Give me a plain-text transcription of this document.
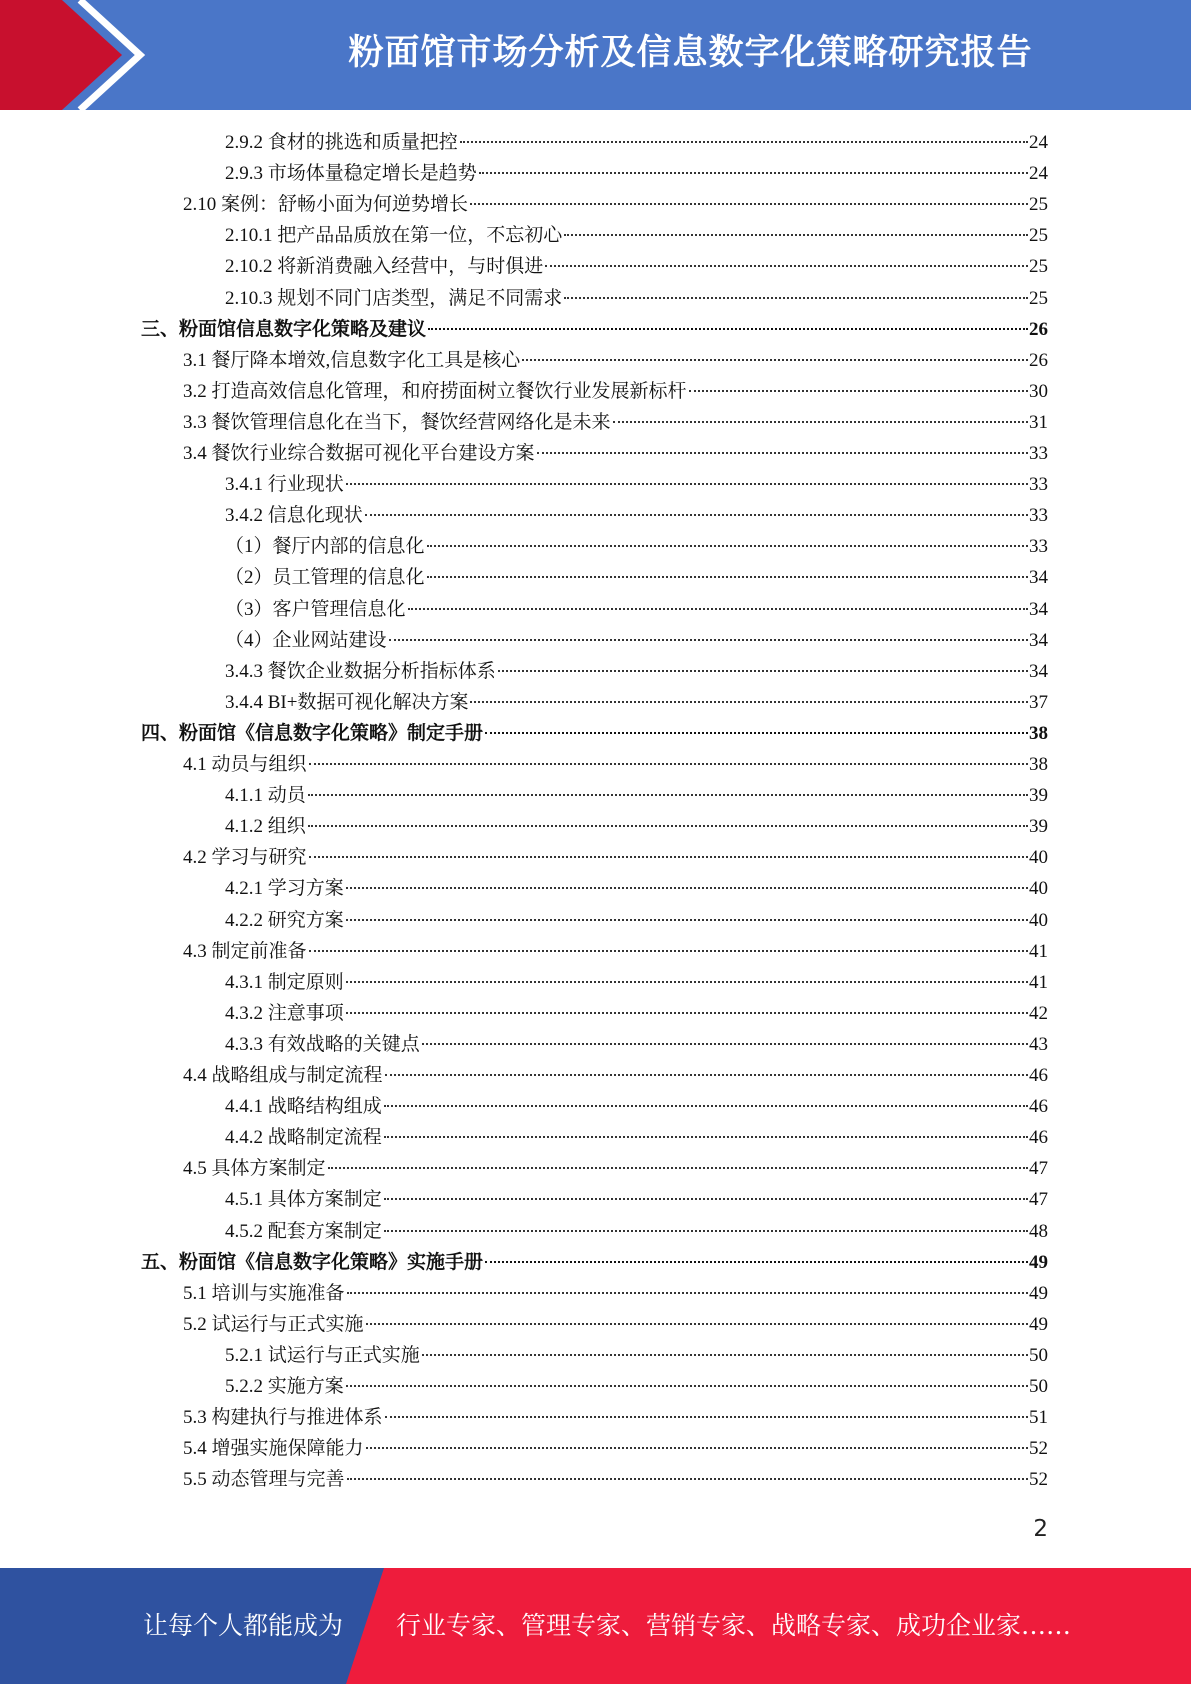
粉面馆市场分析及信息数字化策略研究报告
2.9.2 食材的挑选和质量把控	24
2.9.3 市场体量稳定增长是趋势	24
2.10 案例：舒畅小面为何逆势增长	25
2.10.1 把产品品质放在第一位，不忘初心	25
2.10.2 将新消费融入经营中，与时俱进	25
2.10.3 规划不同门店类型，满足不同需求	25
三、粉面馆信息数字化策略及建议	26
3.1 餐厅降本增效,信息数字化工具是核心	26
3.2 打造高效信息化管理，和府捞面树立餐饮行业发展新标杆	30
3.3 餐饮管理信息化在当下，餐饮经营网络化是未来	31
3.4 餐饮行业综合数据可视化平台建设方案	33
3.4.1 行业现状	33
3.4.2 信息化现状	33
（1）餐厅内部的信息化	33
（2）员工管理的信息化	34
（3）客户管理信息化	34
（4）企业网站建设	34
3.4.3 餐饮企业数据分析指标体系	34
3.4.4 BI+数据可视化解决方案	37
四、粉面馆《信息数字化策略》制定手册	38
4.1 动员与组织	38
4.1.1 动员	39
4.1.2 组织	39
4.2 学习与研究	40
4.2.1 学习方案	40
4.2.2 研究方案	40
4.3 制定前准备	41
4.3.1 制定原则	41
4.3.2 注意事项	42
4.3.3 有效战略的关键点	43
4.4 战略组成与制定流程	46
4.4.1 战略结构组成	46
4.4.2 战略制定流程	46
4.5 具体方案制定	47
4.5.1 具体方案制定	47
4.5.2 配套方案制定	48
五、粉面馆《信息数字化策略》实施手册	49
5.1 培训与实施准备	49
5.2 试运行与正式实施	49
5.2.1 试运行与正式实施	50
5.2.2 实施方案	50
5.3 构建执行与推进体系	51
5.4 增强实施保障能力	52
5.5 动态管理与完善	52
2
让每个人都能成为 行业专家、管理专家、营销专家、战略专家、成功企业家……
